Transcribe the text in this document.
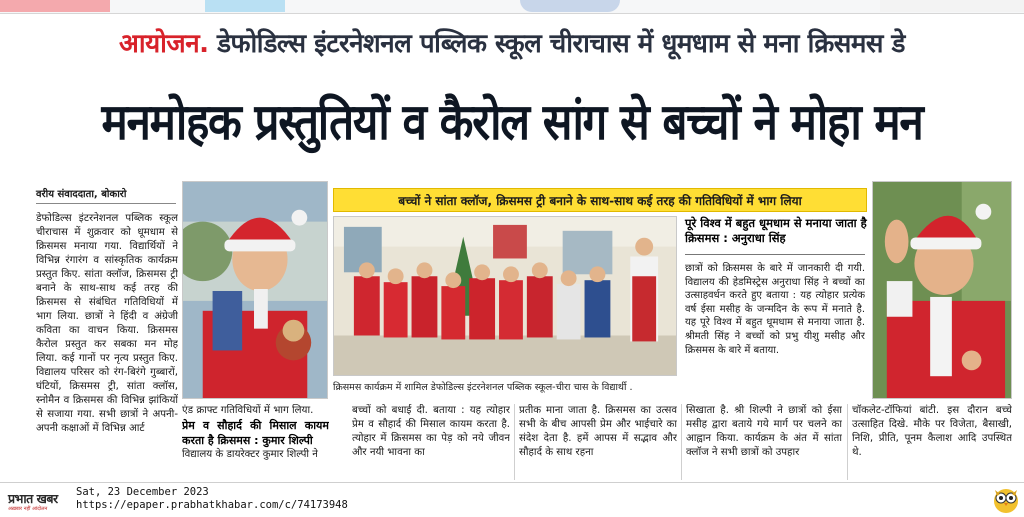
आयोजन. डेफोडिल्स इंटरनेशनल पब्लिक स्कूल चीराचास में धूमधाम से मना क्रिसमस डे
मनमोहक प्रस्तुतियों व कैरोल सांग से बच्चों ने मोहा मन
वरीय संवाददाता, बोकारो
डेफोडिल्स इंटरनेशनल पब्लिक स्कूल चीराचास में शुक्रवार को धूमधाम से क्रिसमस मनाया गया. विद्यार्थियों ने विभिन्न रंगारंग व सांस्कृतिक कार्यक्रम प्रस्तुत किए. सांता क्लॉज, क्रिसमस ट्री बनाने के साथ-साथ कई तरह की क्रिसमस से संबंधित गतिविधियों में भाग लिया. छात्रों ने हिंदी व अंग्रेजी कविता का वाचन किया. क्रिसमस कैरोल प्रस्तुत कर सबका मन मोह लिया. कई गानों पर नृत्य प्रस्तुत किए. विद्यालय परिसर को रंग-बिरंगे गुब्बारों, घंटियों, क्रिसमस ट्री, सांता क्लॉस, स्नोमैन व क्रिसमस की विभिन्न झांकियों से सजाया गया. सभी छात्रों ने अपनी-अपनी कक्षाओं में विभिन्न आर्ट
एंड क्राफ्ट गतिविधियों में भाग लिया.
प्रेम व सौहार्द की मिसाल कायम करता है क्रिसमस : कुमार शिल्पी
विद्यालय के डायरेक्टर कुमार शिल्पी ने
बच्चों ने सांता क्लॉज, क्रिसमस ट्री बनाने के साथ-साथ कई तरह की गतिविधियों में भाग लिया
क्रिसमस कार्यक्रम में शामिल डेफोडिल्स इंटरनेशनल पब्लिक स्कूल-चीरा चास के विद्यार्थी .
पूरे विश्व में बहुत धूमधाम से मनाया जाता है क्रिसमस : अनुराधा सिंह
छात्रों को क्रिसमस के बारे में जानकारी दी गयी. विद्यालय की हेडमिस्ट्रेस अनुराधा सिंह ने बच्चों का उत्साहवर्धन करते हुए बताया : यह त्योहार प्रत्येक वर्ष ईसा मसीह के जन्मदिन के रूप में मनाते है. यह पूरे विश्व में बहुत धूमधाम से मनाया जाता है. श्रीमती सिंह ने बच्चों को प्रभु यीशु मसीह और क्रिसमस के बारे में बताया.
बच्चों को बधाई दी. बताया : यह त्योहार प्रेम व सौहार्द की मिसाल कायम करता है. त्योहार में क्रिसमस का पेड़ को नये जीवन और नयी भावना का
प्रतीक माना जाता है. क्रिसमस का उत्सव सभी के बीच आपसी प्रेम और भाईचारे का संदेश देता है. हमें आपस में सद्भाव और सौहार्द के साथ रहना
सिखाता है. श्री शिल्पी ने छात्रों को ईसा मसीह द्वारा बताये गये मार्ग पर चलने का आह्वान किया. कार्यक्रम के अंत में सांता क्लॉज ने सभी छात्रों को उपहार
चॉकलेट-टॉफियां बांटी. इस दौरान बच्चे उत्साहित दिखे. मौके पर विजेता, बैसाखी, निशि, प्रीति, पूनम कैलाश आदि उपस्थित थे.
प्रभात खबर
अख़बार नहीं आंदोलन
Sat, 23 December 2023
https://epaper.prabhatkhabar.com/c/74173948
